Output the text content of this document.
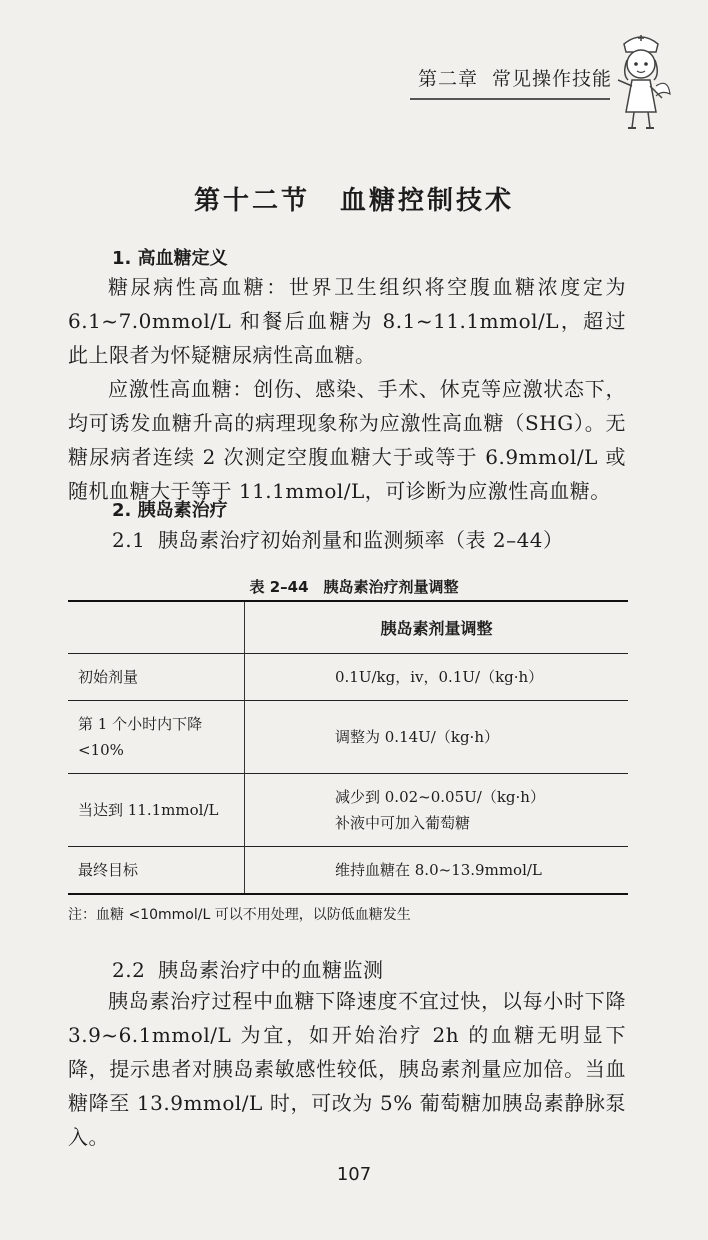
第二章 常见操作技能
第十二节 血糖控制技术
1. 高血糖定义
糖尿病性高血糖：世界卫生组织将空腹血糖浓度定为 6.1~7.0mmol/L 和餐后血糖为 8.1~11.1mmol/L，超过此上限者为怀疑糖尿病性高血糖。
应激性高血糖：创伤、感染、手术、休克等应激状态下，均可诱发血糖升高的病理现象称为应激性高血糖（SHG）。无糖尿病者连续 2 次测定空腹血糖大于或等于 6.9mmol/L 或随机血糖大于等于 11.1mmol/L，可诊断为应激性高血糖。
2. 胰岛素治疗
2.1 胰岛素治疗初始剂量和监测频率（表 2–44）
表 2–44　胰岛素治疗剂量调整
	胰岛素剂量调整
初始剂量	0.1U/kg，iv，0.1U/（kg·h）
第 1 个小时内下降<10%	调整为 0.14U/（kg·h）
当达到 11.1mmol/L	减少到 0.02~0.05U/（kg·h）
补液中可加入葡萄糖

最终目标	维持血糖在 8.0~13.9mmol/L
注：血糖 <10mmol/L 可以不用处理，以防低血糖发生
2.2 胰岛素治疗中的血糖监测
胰岛素治疗过程中血糖下降速度不宜过快，以每小时下降 3.9~6.1mmol/L 为宜，如开始治疗 2h 的血糖无明显下降，提示患者对胰岛素敏感性较低，胰岛素剂量应加倍。当血糖降至 13.9mmol/L 时，可改为 5% 葡萄糖加胰岛素静脉泵入。
107
